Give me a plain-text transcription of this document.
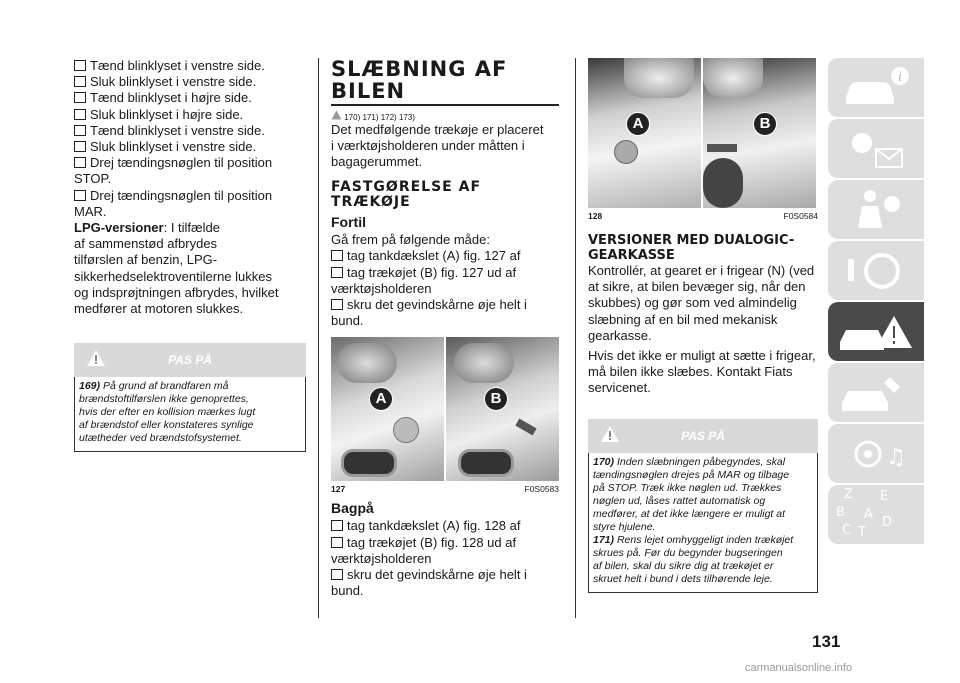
Tænd blinklyset i venstre side.

Sluk blinklyset i venstre side.

Tænd blinklyset i højre side.

Sluk blinklyset i højre side.

Tænd blinklyset i venstre side.

Sluk blinklyset i venstre side.

Drej tændingsnøglen til position

STOP.

Drej tændingsnøglen til position

MAR.

LPG-versioner: I tilfælde

af sammenstød afbrydes

tilførslen af benzin, LPG-

sikkerhedselektroventilerne lukkes

og indsprøjtningen afbrydes, hvilket

medfører at motoren slukkes.

PAS PÅ

169) På grund af brandfaren må

brændstoftilførslen ikke genoprettes,

hvis der efter en kollision mærkes lugt

af brændstof eller konstateres synlige

utætheder ved brændstofsystemet.

SLÆBNING AF

BILEN

170) 171) 172) 173)

Det medfølgende trækøje er placeret

i værktøjsholderen under måtten i

bagagerummet.

FASTGØRELSE AF

TRÆKØJE

Fortil

Gå frem på følgende måde:

tag tankdækslet (A) fig. 127 af

tag trækøjet (B) fig. 127 ud af

værktøjsholderen

skru det gevindskårne øje helt i bund.

A	B
127	F0S0583

Bagpå

tag tankdækslet (A) fig. 128 af

tag trækøjet (B) fig. 128 ud af

værktøjsholderen

skru det gevindskårne øje helt i bund.

A	B
128	F0S0584

VERSIONER MED DUALOGIC-

GEARKASSE

Kontrollér, at gearet er i frigear (N) (ved

at sikre, at bilen bevæger sig, når den

skubbes) og gør som ved almindelig

slæbning af en bil med mekanisk

gearkasse.

Hvis det ikke er muligt at sætte i frigear,

må bilen ikke slæbes. Kontakt Fiats

servicenet.

PAS PÅ

170) Inden slæbningen påbegyndes, skal

tændingsnøglen drejes på MAR og tilbage

på STOP. Træk ikke nøglen ud. Trækkes

nøglen ud, låses rattet automatisk og

medfører, at det ikke længere er muligt at

styre hjulene.

171) Rens lejet omhyggeligt inden trækøjet

skrues på. Før du begynder bugseringen

af bilen, skal du sikre dig at trækøjet er

skruet helt i bund i dets tilhørende leje.

i
♫
Z E
B A
C T
D
131
carmanualsonline.info
